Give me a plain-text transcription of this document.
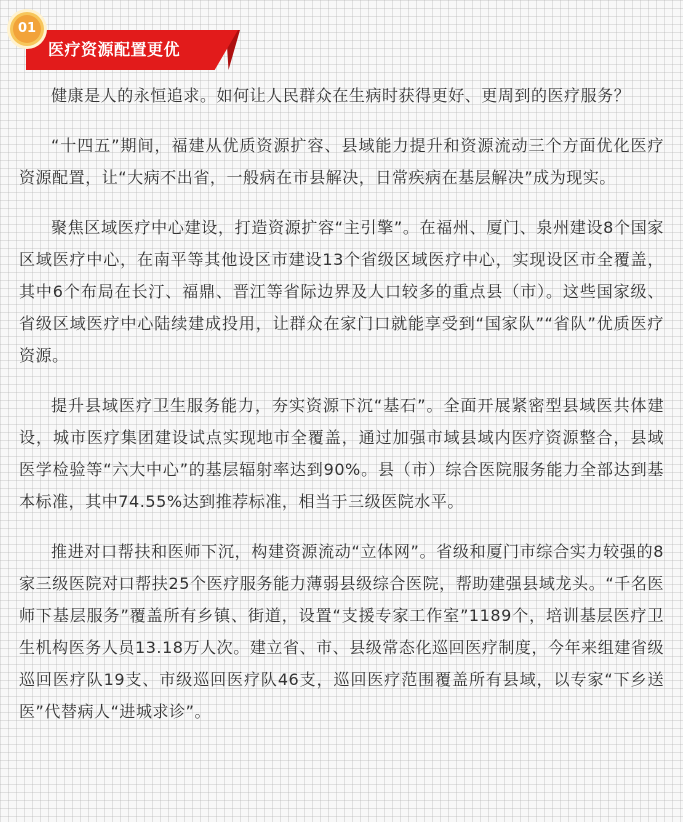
01
医疗资源配置更优

健康是人的永恒追求。如何让人民群众在生病时获得更好、更周到的医疗服务？

“十四五”期间，福建从优质资源扩容、县域能力提升和资源流动三个方面优化医疗资源配置，让“大病不出省，一般病在市县解决，日常疾病在基层解决”成为现实。

聚焦区域医疗中心建设，打造资源扩容“主引擎”。在福州、厦门、泉州建设8个国家区域医疗中心，在南平等其他设区市建设13个省级区域医疗中心，实现设区市全覆盖，其中6个布局在长汀、福鼎、晋江等省际边界及人口较多的重点县（市）。这些国家级、省级区域医疗中心陆续建成投用，让群众在家门口就能享受到“国家队”“省队”优质医疗资源。

提升县域医疗卫生服务能力，夯实资源下沉“基石”。全面开展紧密型县域医共体建设，城市医疗集团建设试点实现地市全覆盖，通过加强市域县域内医疗资源整合，县域医学检验等“六大中心”的基层辐射率达到90%。县（市）综合医院服务能力全部达到基本标准，其中74.55%达到推荐标准，相当于三级医院水平。

推进对口帮扶和医师下沉，构建资源流动“立体网”。省级和厦门市综合实力较强的8家三级医院对口帮扶25个医疗服务能力薄弱县级综合医院，帮助建强县域龙头。“千名医师下基层服务”覆盖所有乡镇、街道，设置“支援专家工作室”1189个，培训基层医疗卫生机构医务人员13.18万人次。建立省、市、县级常态化巡回医疗制度，今年来组建省级巡回医疗队19支、市级巡回医疗队46支，巡回医疗范围覆盖所有县域，以专家“下乡送医”代替病人“进城求诊”。
